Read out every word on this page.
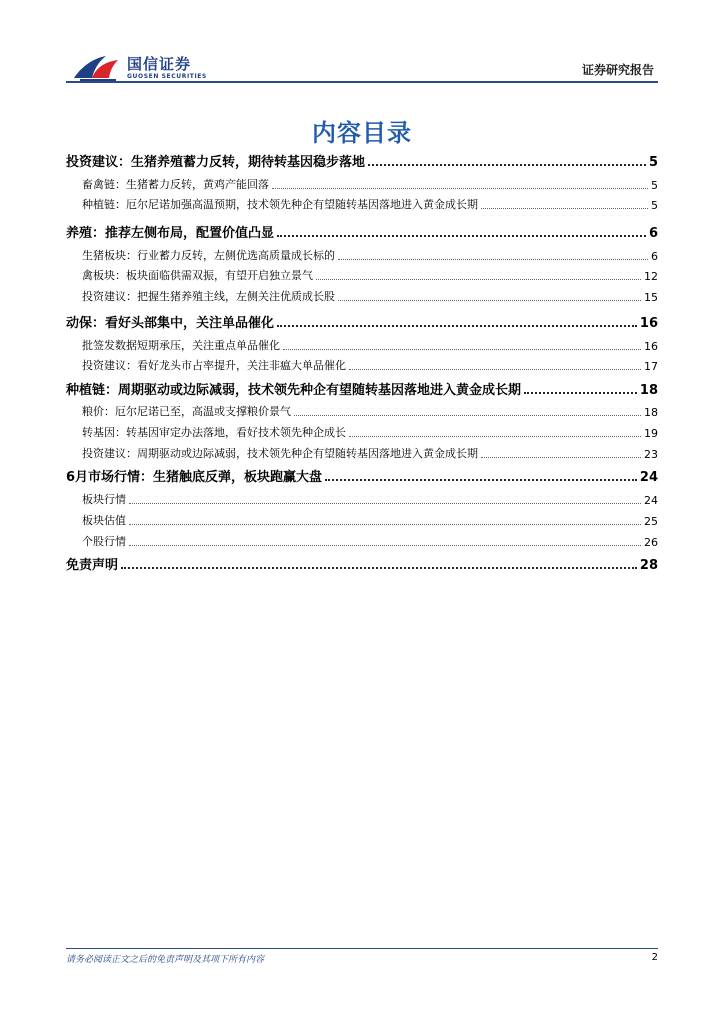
国信证券
GUOSEN SECURITIES	证券研究报告
内容目录
投资建议：生猪养殖蓄力反转，期待转基因稳步落地	5
畜禽链：生猪蓄力反转，黄鸡产能回落	5
种植链：厄尔尼诺加强高温预期，技术领先种企有望随转基因落地进入黄金成长期	5
养殖：推荐左侧布局，配置价值凸显	6
生猪板块：行业蓄力反转，左侧优选高质量成长标的	6
禽板块：板块面临供需双振，有望开启独立景气	12
投资建议：把握生猪养殖主线，左侧关注优质成长股	15
动保：看好头部集中，关注单品催化	16
批签发数据短期承压，关注重点单品催化	16
投资建议：看好龙头市占率提升，关注非瘟大单品催化	17
种植链：周期驱动或边际减弱，技术领先种企有望随转基因落地进入黄金成长期	18
粮价：厄尔尼诺已至，高温或支撑粮价景气	18
转基因：转基因审定办法落地，看好技术领先种企成长	19
投资建议：周期驱动或边际减弱，技术领先种企有望随转基因落地进入黄金成长期	23
6月市场行情：生猪触底反弹，板块跑赢大盘	24
板块行情	24
板块估值	25
个股行情	26
免责声明	28
请务必阅读正文之后的免责声明及其项下所有内容	2
